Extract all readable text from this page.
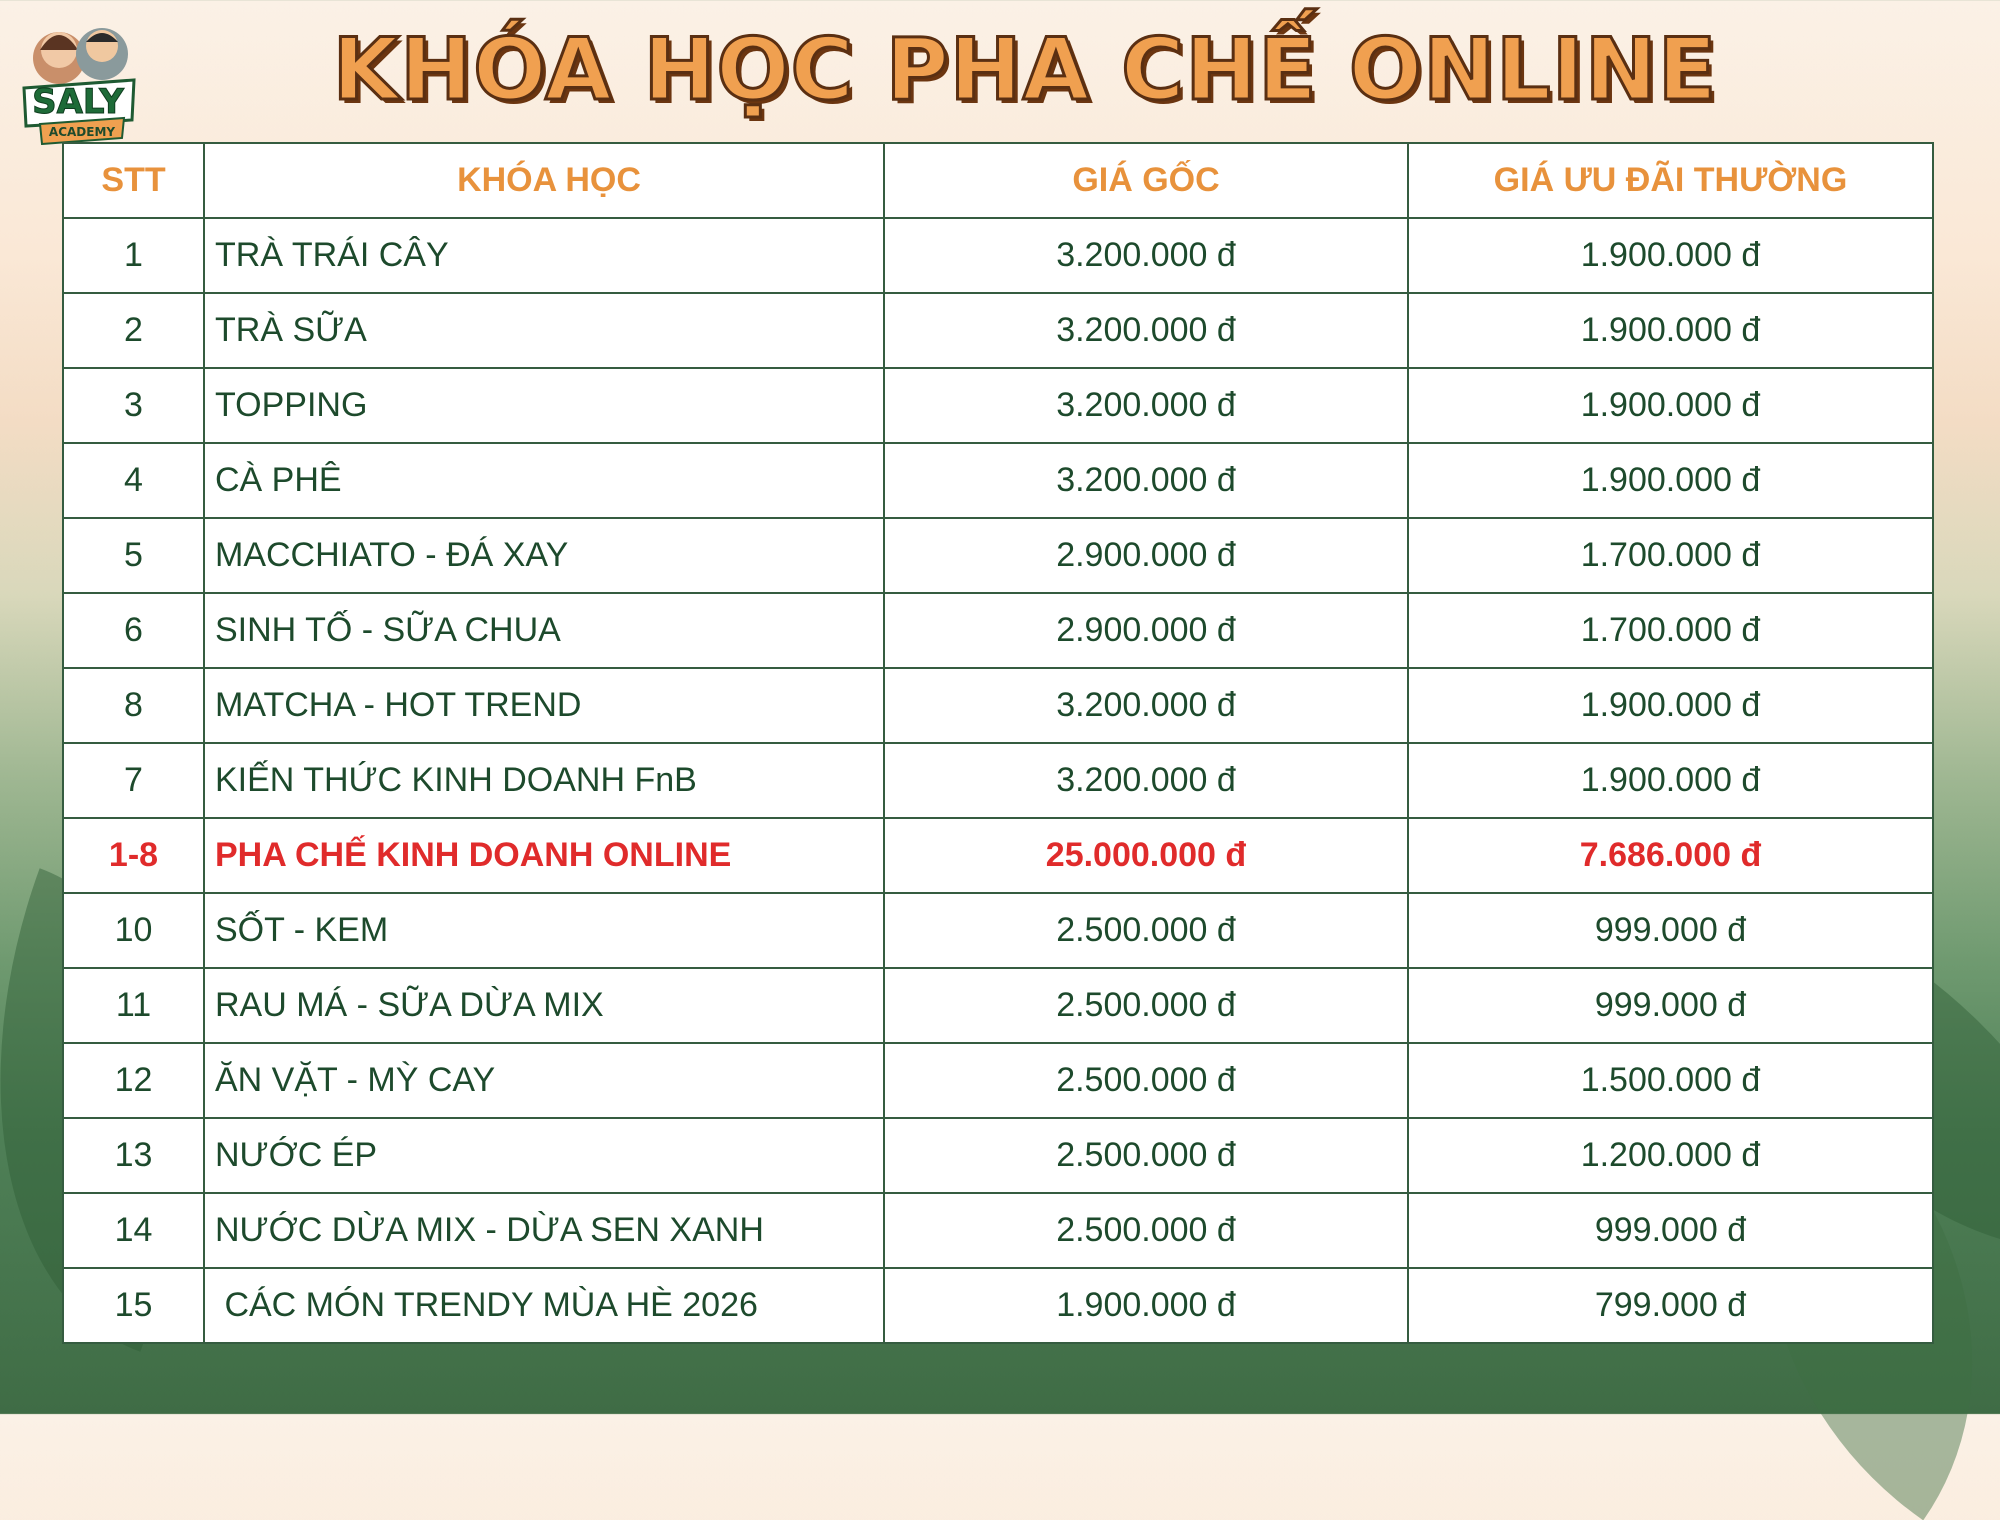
SALY
ACADEMY
KHÓA HỌC PHA CHẾ ONLINE
STT	KHÓA HỌC	GIÁ GỐC	GIÁ ƯU ĐÃI THƯỜNG
1	TRÀ TRÁI CÂY	3.200.000 đ	1.900.000 đ
2	TRÀ SỮA	3.200.000 đ	1.900.000 đ
3	TOPPING	3.200.000 đ	1.900.000 đ
4	CÀ PHÊ	3.200.000 đ	1.900.000 đ
5	MACCHIATO - ĐÁ XAY	2.900.000 đ	1.700.000 đ
6	SINH TỐ - SỮA CHUA	2.900.000 đ	1.700.000 đ
8	MATCHA - HOT TREND	3.200.000 đ	1.900.000 đ
7	KIẾN THỨC KINH DOANH FnB	3.200.000 đ	1.900.000 đ
1-8	PHA CHẾ KINH DOANH ONLINE	25.000.000 đ	7.686.000 đ
10	SỐT - KEM	2.500.000 đ	999.000 đ
11	RAU MÁ - SỮA DỪA MIX	2.500.000 đ	999.000 đ
12	ĂN VẶT - MỲ CAY	2.500.000 đ	1.500.000 đ
13	NƯỚC ÉP	2.500.000 đ	1.200.000 đ
14	NƯỚC DỪA MIX - DỪA SEN XANH	2.500.000 đ	999.000 đ
15	CÁC MÓN TRENDY MÙA HÈ 2026	1.900.000 đ	799.000 đ
